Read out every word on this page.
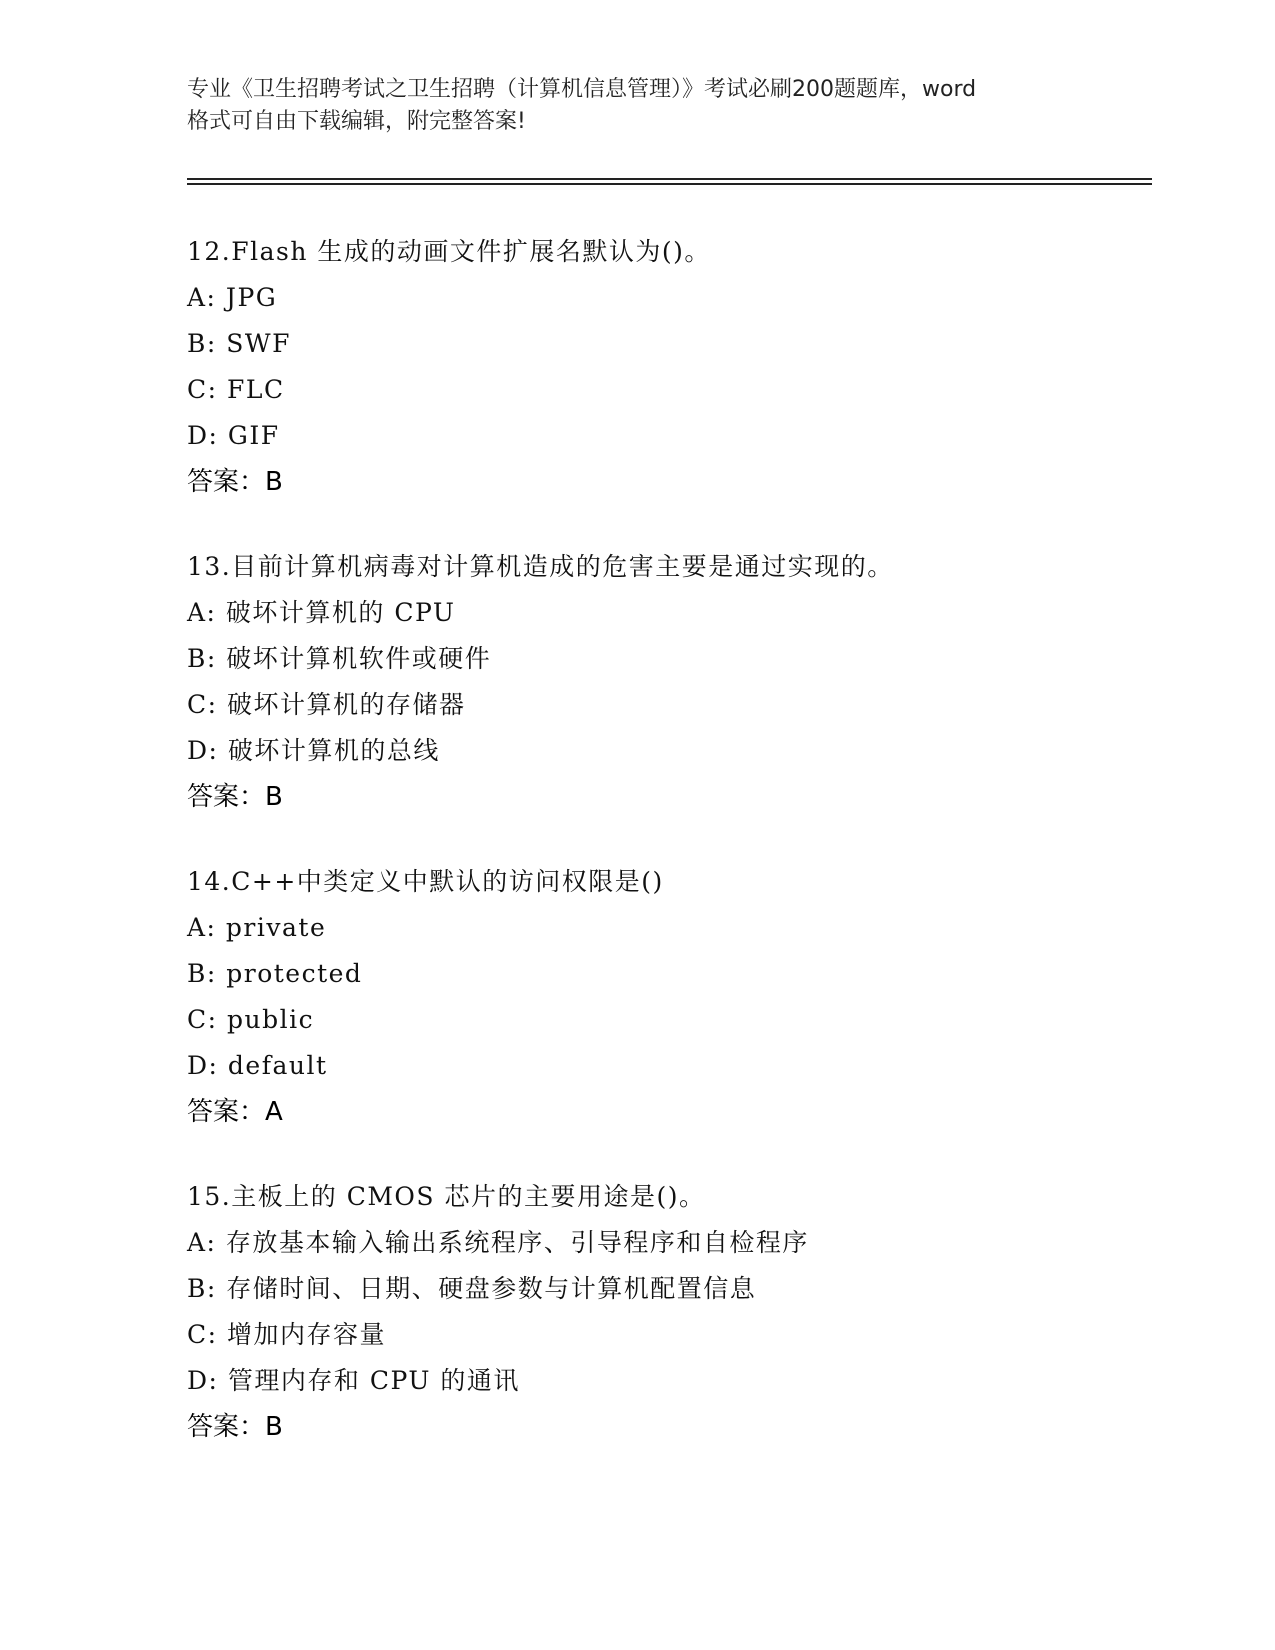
专业《卫生招聘考试之卫生招聘（计算机信息管理）》考试必刷200题题库，word
格式可自由下载编辑，附完整答案!
12.Flash 生成的动画文件扩展名默认为()。
A: JPG
B: SWF
C: FLC
D: GIF
答案：B
13.目前计算机病毒对计算机造成的危害主要是通过实现的。
A: 破坏计算机的 CPU
B: 破坏计算机软件或硬件
C: 破坏计算机的存储器
D: 破坏计算机的总线
答案：B
14.C++中类定义中默认的访问权限是()
A: private
B: protected
C: public
D: default
答案：A
15.主板上的 CMOS 芯片的主要用途是()。
A: 存放基本输入输出系统程序、引导程序和自检程序
B: 存储时间、日期、硬盘参数与计算机配置信息
C: 增加内存容量
D: 管理内存和 CPU 的通讯
答案：B
